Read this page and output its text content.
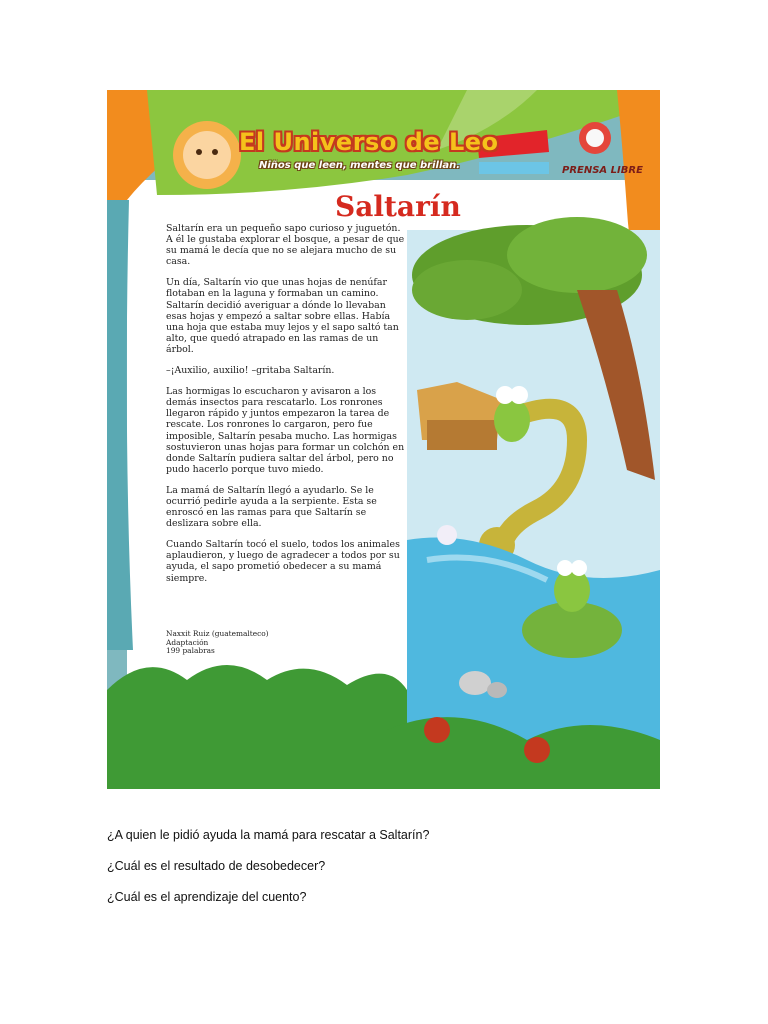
El Universo de Leo
Niños que leen, mentes que brillan.	PRENSA LIBRE
Saltarín

Saltarín era un pequeño sapo curioso y juguetón. A él le gustaba explorar el bosque, a pesar de que su mamá le decía que no se alejara mucho de su casa.

Un día, Saltarín vio que unas hojas de nenúfar flotaban en la laguna y formaban un camino. Saltarín decidió averiguar a dónde lo llevaban esas hojas y empezó a saltar sobre ellas. Había una hoja que estaba muy lejos y el sapo saltó tan alto, que quedó atrapado en las ramas de un árbol.

–¡Auxilio, auxilio! –gritaba Saltarín.

Las hormigas lo escucharon y avisaron a los demás insectos para rescatarlo. Los ronrones llegaron rápido y juntos empezaron la tarea de rescate. Los ronrones lo cargaron, pero fue imposible, Saltarín pesaba mucho. Las hormigas sostuvieron unas hojas para formar un colchón en donde Saltarín pudiera saltar del árbol, pero no pudo hacerlo porque tuvo miedo.

La mamá de Saltarín llegó a ayudarlo. Se le ocurrió pedirle ayuda a la serpiente. Esta se enroscó en las ramas para que Saltarín se deslizara sobre ella.

Cuando Saltarín tocó el suelo, todos los animales aplaudieron, y luego de agradecer a todos por su ayuda, el sapo prometió obedecer a su mamá siempre.

Naxxit Ruiz (guatemalteco)
Adaptación
199 palabras
¿A quien le pidió ayuda la mamá para rescatar a Saltarín?
¿Cuál es el resultado de desobedecer?
¿Cuál es el aprendizaje del cuento?
